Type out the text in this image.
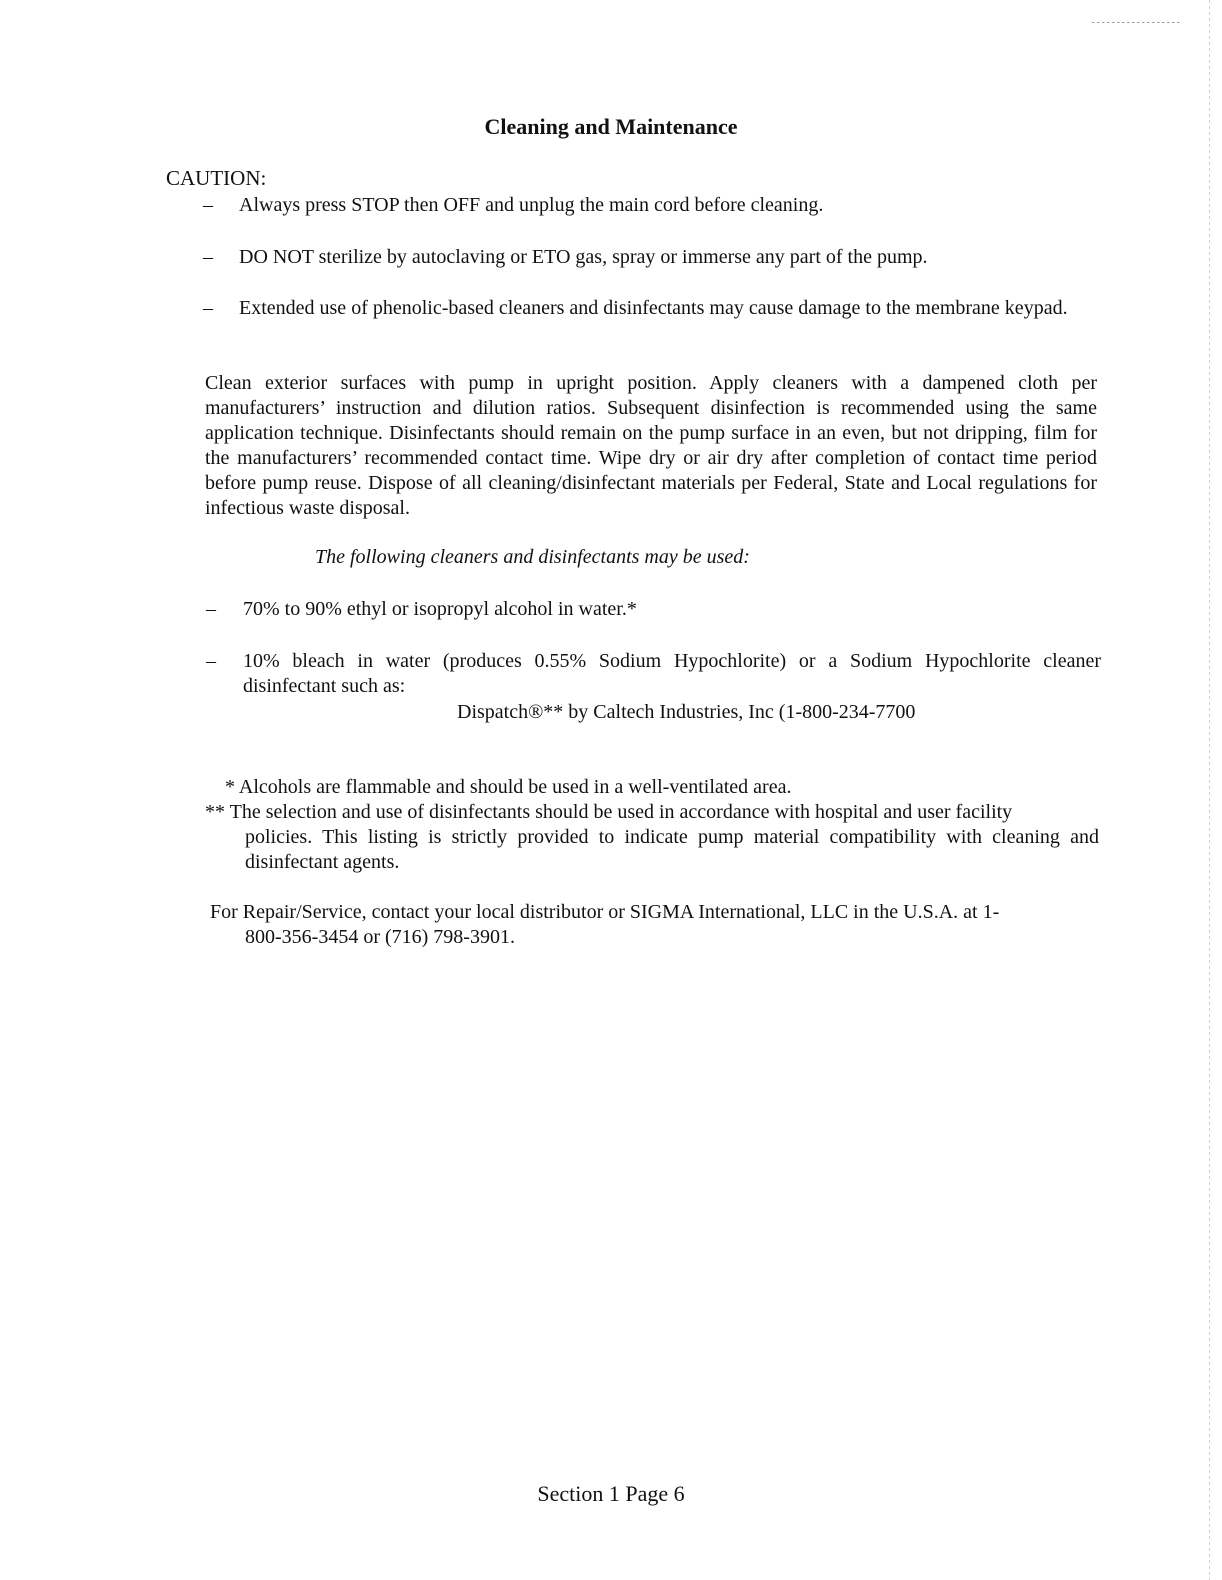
Cleaning and Maintenance
CAUTION:
– Always press STOP then OFF and unplug the main cord before cleaning.
– DO NOT sterilize by autoclaving or ETO gas, spray or immerse any part of the pump.
– Extended use of phenolic-based cleaners and disinfectants may cause damage to the membrane keypad.
Clean exterior surfaces with pump in upright position. Apply cleaners with a dampened cloth per manufacturers’ instruction and dilution ratios. Subsequent disinfection is recommended using the same application technique. Disinfectants should remain on the pump surface in an even, but not dripping, film for the manufacturers’ recommended contact time. Wipe dry or air dry after completion of contact time period before pump reuse. Dispose of all cleaning/disinfectant materials per Federal, State and Local regulations for infectious waste disposal.
The following cleaners and disinfectants may be used:
– 70% to 90% ethyl or isopropyl alcohol in water.*
– 10% bleach in water (produces 0.55% Sodium Hypochlorite) or a Sodium Hypochlorite cleaner disinfectant such as:
Dispatch®** by Caltech Industries, Inc (1-800-234-7700
* Alcohols are flammable and should be used in a well-ventilated area.
** The selection and use of disinfectants should be used in accordance with hospital and user facility
policies. This listing is strictly provided to indicate pump material compatibility with cleaning and disinfectant agents.
For Repair/Service, contact your local distributor or SIGMA International, LLC in the U.S.A. at 1-
800-356-3454 or (716) 798-3901.
Section 1 Page 6
